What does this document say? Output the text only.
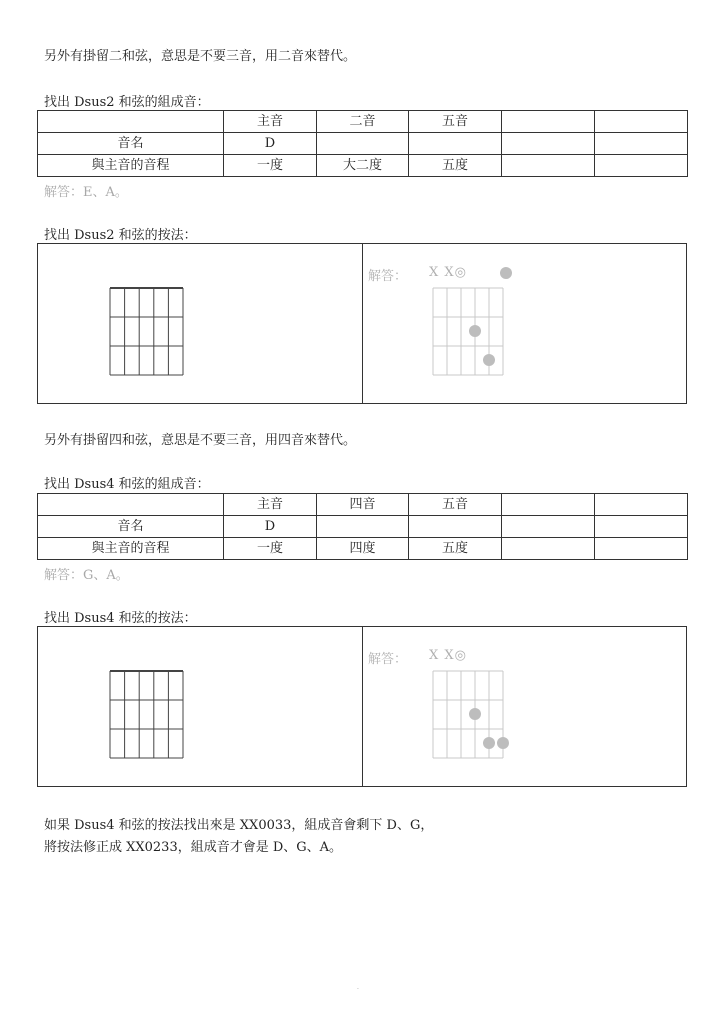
另外有掛留二和弦，意思是不要三音，用二音來替代。
找出 Dsus2 和弦的組成音：
	主音	二音	五音		
音名	D				
與主音的音程	一度	大二度	五度		
解答：E、A。
找出 Dsus2 和弦的按法：
解答： X X◎
另外有掛留四和弦，意思是不要三音，用四音來替代。
找出 Dsus4 和弦的組成音：
	主音	四音	五音		
音名	D				
與主音的音程	一度	四度	五度		
解答：G、A。
找出 Dsus4 和弦的按法：
解答： X X◎
如果 Dsus4 和弦的按法找出來是 XX0033，組成音會剩下 D、G，
將按法修正成 XX0233，組成音才會是 D、G、A。
.
